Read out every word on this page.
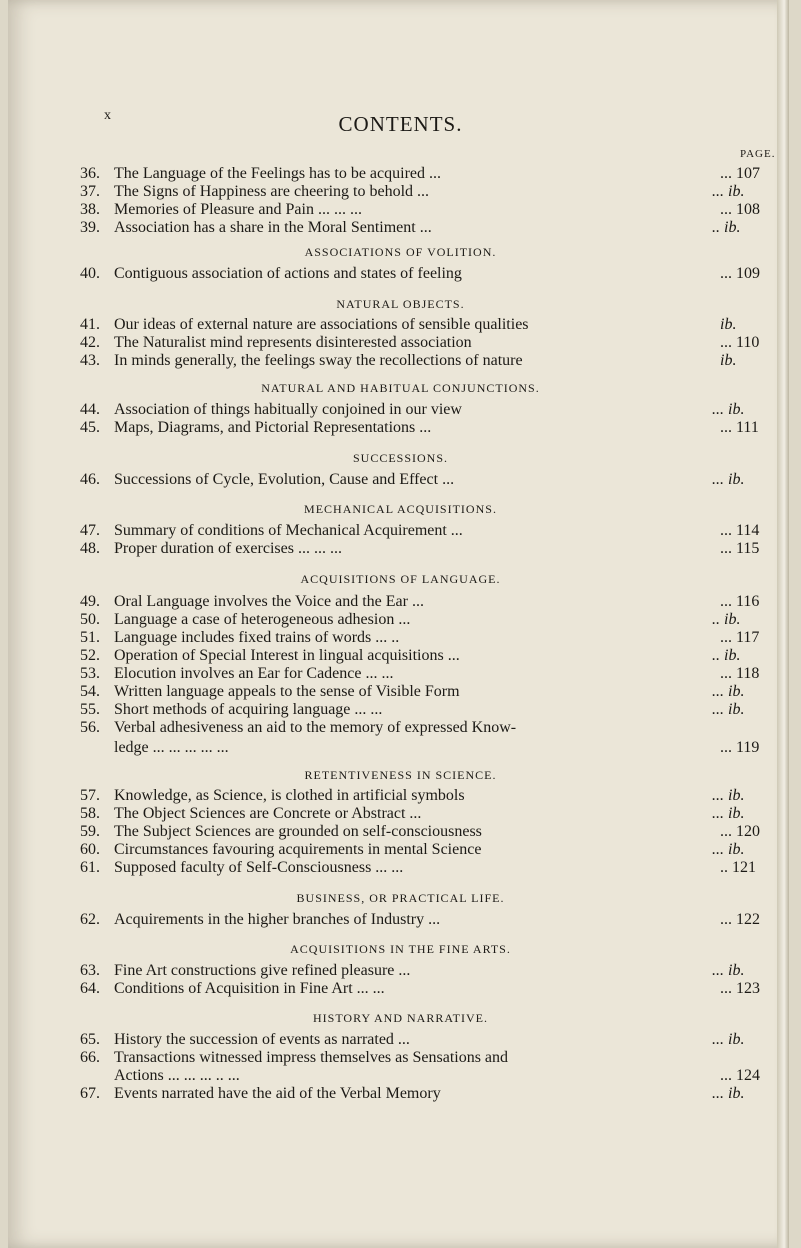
x	CONTENTS.
PAGE.
36. The Language of the Feelings has to be acquired ...	... 107
37. The Signs of Happiness are cheering to behold ...	... ib.
38. Memories of Pleasure and Pain ... ... ...	... 108
39. Association has a share in the Moral Sentiment ...	.. ib.
ASSOCIATIONS OF VOLITION.
40. Contiguous association of actions and states of feeling	... 109
NATURAL OBJECTS.
41. Our ideas of external nature are associations of sensible qualities	ib.
42. The Naturalist mind represents disinterested association	... 110
43. In minds generally, the feelings sway the recollections of nature	ib.
NATURAL AND HABITUAL CONJUNCTIONS.
44. Association of things habitually conjoined in our view	... ib.
45. Maps, Diagrams, and Pictorial Representations ...	... 111
SUCCESSIONS.
46. Successions of Cycle, Evolution, Cause and Effect ...	... ib.
MECHANICAL ACQUISITIONS.
47. Summary of conditions of Mechanical Acquirement ...	... 114
48. Proper duration of exercises ... ... ...	... 115
ACQUISITIONS OF LANGUAGE.
49. Oral Language involves the Voice and the Ear ...	... 116
50. Language a case of heterogeneous adhesion ...	.. ib.
51. Language includes fixed trains of words ... ..	... 117
52. Operation of Special Interest in lingual acquisitions ...	.. ib.
53. Elocution involves an Ear for Cadence ... ...	... 118
54. Written language appeals to the sense of Visible Form	... ib.
55. Short methods of acquiring language ... ...	... ib.
56. Verbal adhesiveness an aid to the memory of expressed Know-
ledge ... ... ... ... ...	... 119
RETENTIVENESS IN SCIENCE.
57. Knowledge, as Science, is clothed in artificial symbols	... ib.
58. The Object Sciences are Concrete or Abstract ...	... ib.
59. The Subject Sciences are grounded on self-consciousness	... 120
60. Circumstances favouring acquirements in mental Science	... ib.
61. Supposed faculty of Self-Consciousness ... ...	.. 121
BUSINESS, OR PRACTICAL LIFE.
62. Acquirements in the higher branches of Industry ...	... 122
ACQUISITIONS IN THE FINE ARTS.
63. Fine Art constructions give refined pleasure ...	... ib.
64. Conditions of Acquisition in Fine Art ... ...	... 123
HISTORY AND NARRATIVE.
65. History the succession of events as narrated ...	... ib.
66. Transactions witnessed impress themselves as Sensations and
Actions ... ... ... .. ...	... 124
67. Events narrated have the aid of the Verbal Memory	... ib.
